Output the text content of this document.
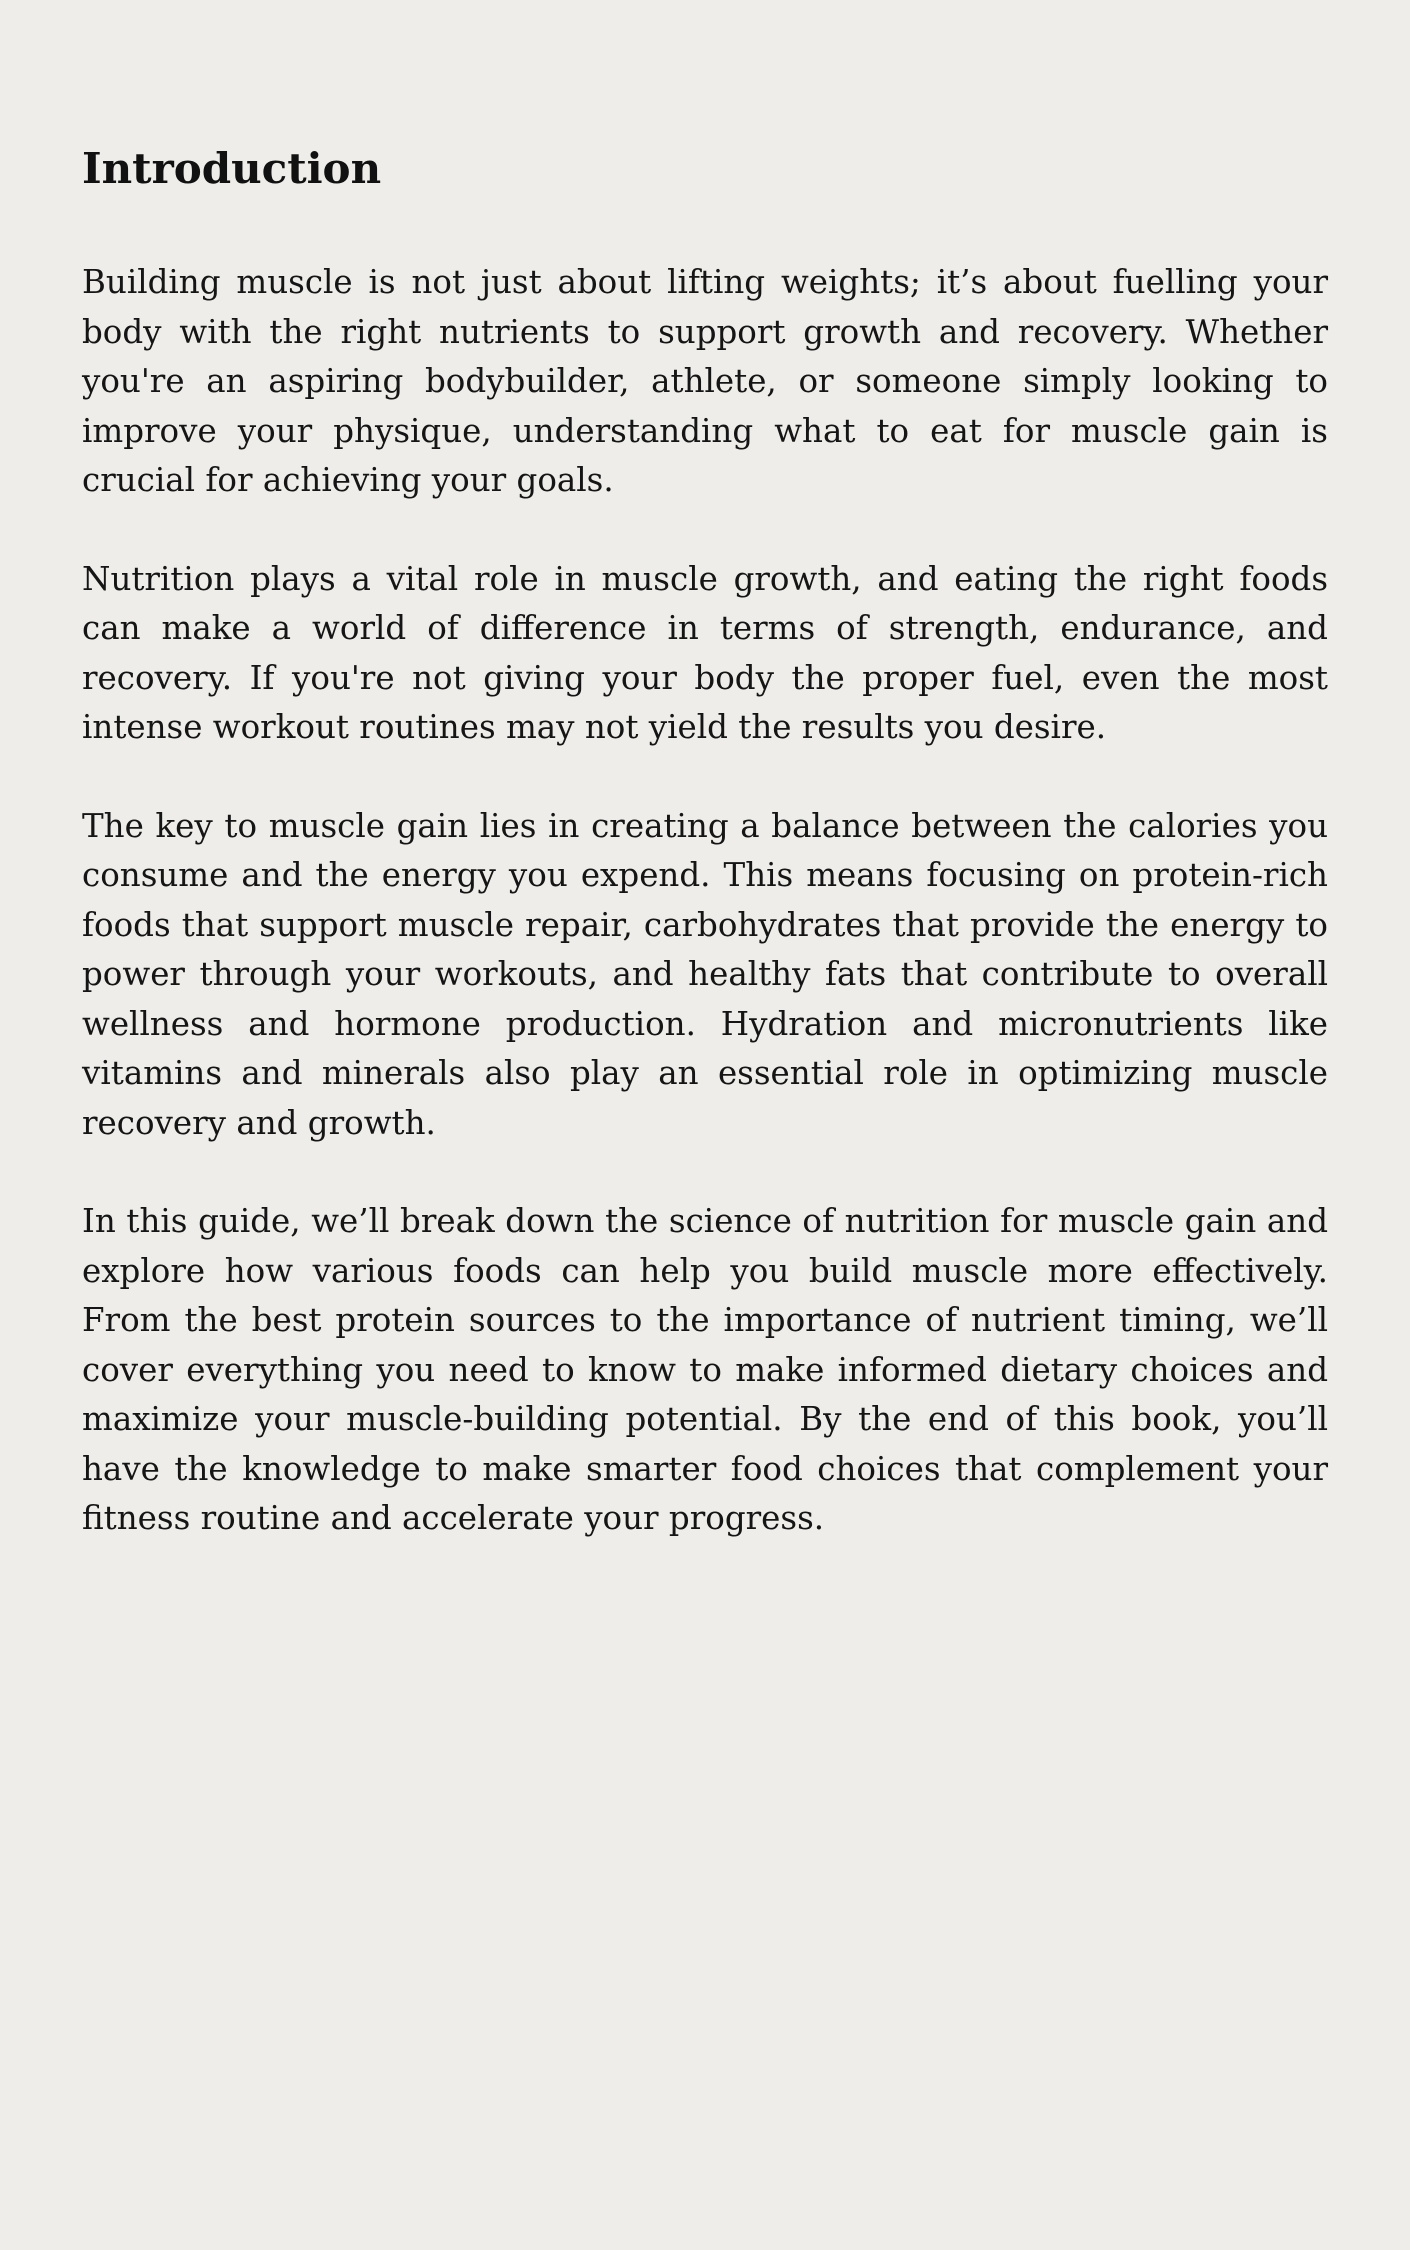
Introduction

Building muscle is not just about lifting weights; it’s about fuelling your body with the right nutrients to support growth and recovery. Whether you're an aspiring bodybuilder, athlete, or someone simply looking to improve your physique, understanding what to eat for muscle gain is crucial for achieving your goals.

Nutrition plays a vital role in muscle growth, and eating the right foods can make a world of difference in terms of strength, endurance, and recovery. If you're not giving your body the proper fuel, even the most intense workout routines may not yield the results you desire.

The key to muscle gain lies in creating a balance between the calories you consume and the energy you expend. This means focusing on protein-rich foods that support muscle repair, carbohydrates that provide the energy to power through your workouts, and healthy fats that contribute to overall wellness and hormone production. Hydration and micronutrients like vitamins and minerals also play an essential role in optimizing muscle recovery and growth.

In this guide, we’ll break down the science of nutrition for muscle gain and explore how various foods can help you build muscle more effectively. From the best protein sources to the importance of nutrient timing, we’ll cover everything you need to know to make informed dietary choices and maximize your muscle-building potential. By the end of this book, you’ll have the knowledge to make smarter food choices that complement your fitness routine and accelerate your progress.
